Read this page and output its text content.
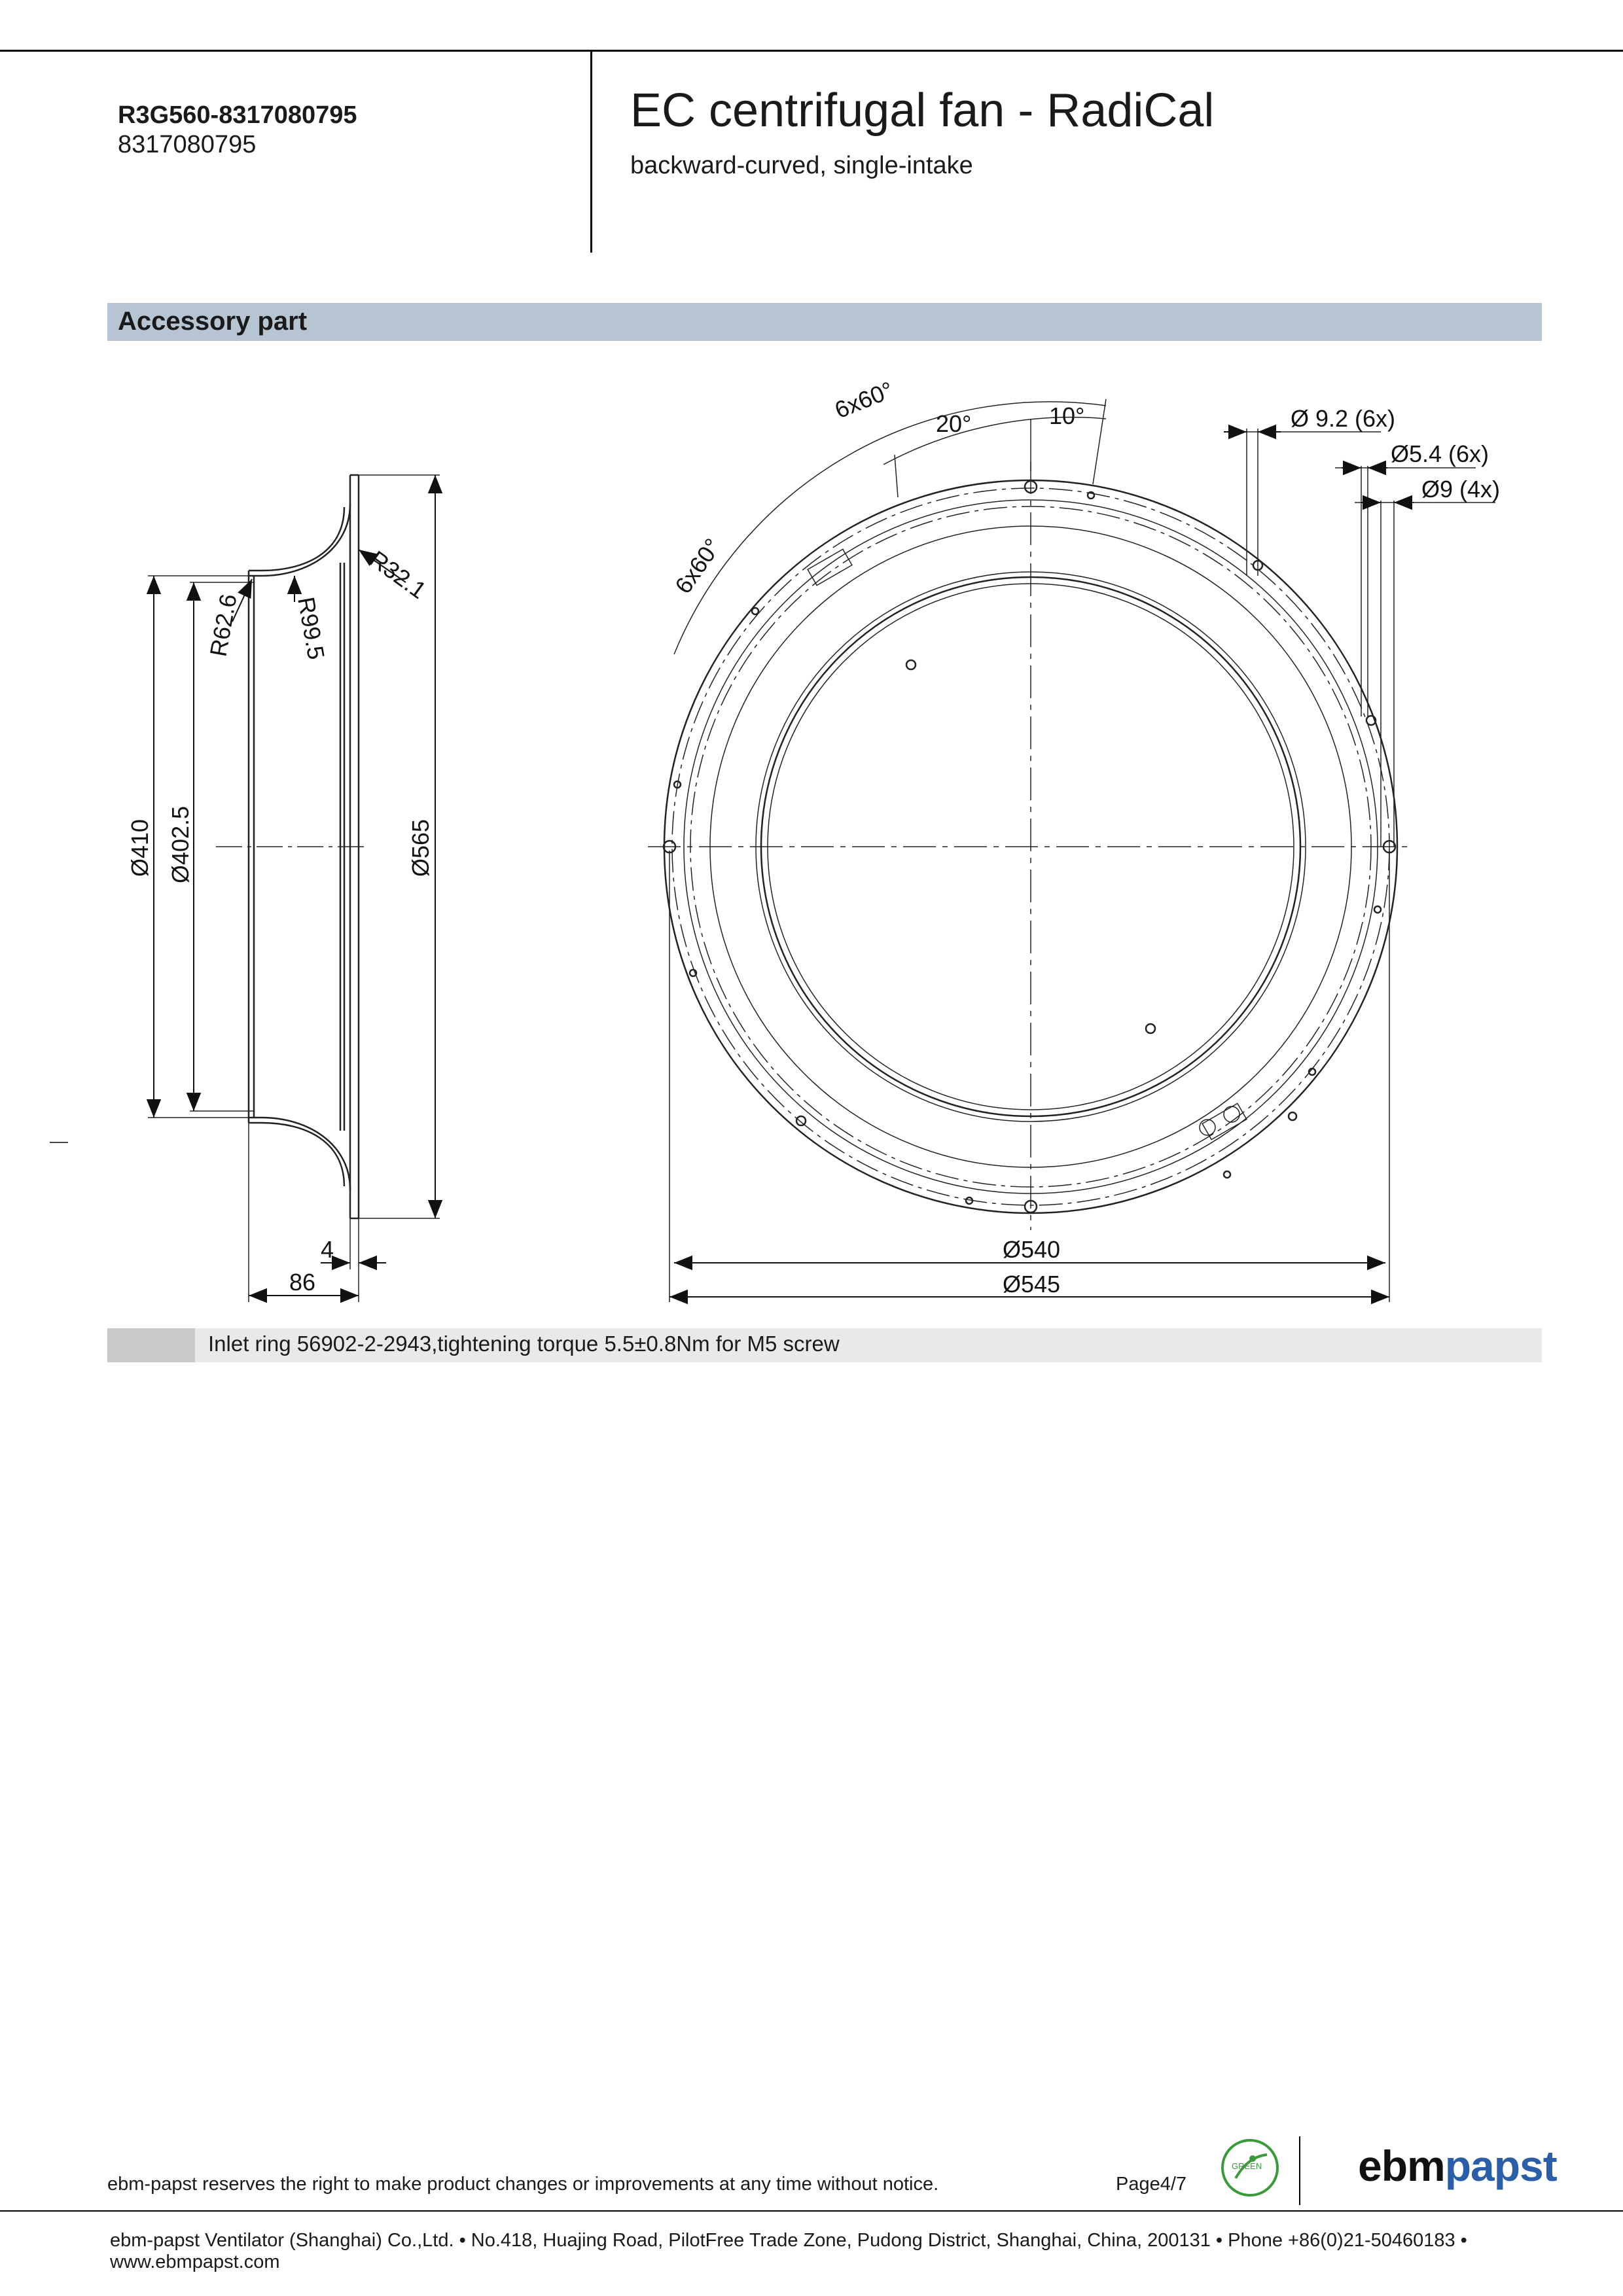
R3G560-8317080795
8317080795
EC centrifugal fan - RadiCal
backward-curved, single-intake
Accessory part
Ø565
Ø410 Ø402.5
R32.1
R62.6 R99.5
4
86
6x60°
6x60°
20°	10°	Ø 9.2 (6x)
Ø5.4 (6x)
Ø9 (4x)
Ø540
Ø545
Inlet ring 56902-2-2943,tightening torque 5.5±0.8Nm for M5 screw
ebm-papst reserves the right to make product changes or improvements at any time without notice.	Page4/7
GREEN ebmpapst
ebm-papst Ventilator (Shanghai) Co.,Ltd. • No.418, Huajing Road, PilotFree Trade Zone, Pudong District, Shanghai, China, 200131 • Phone +86(0)21-50460183 • www.ebmpapst.com
